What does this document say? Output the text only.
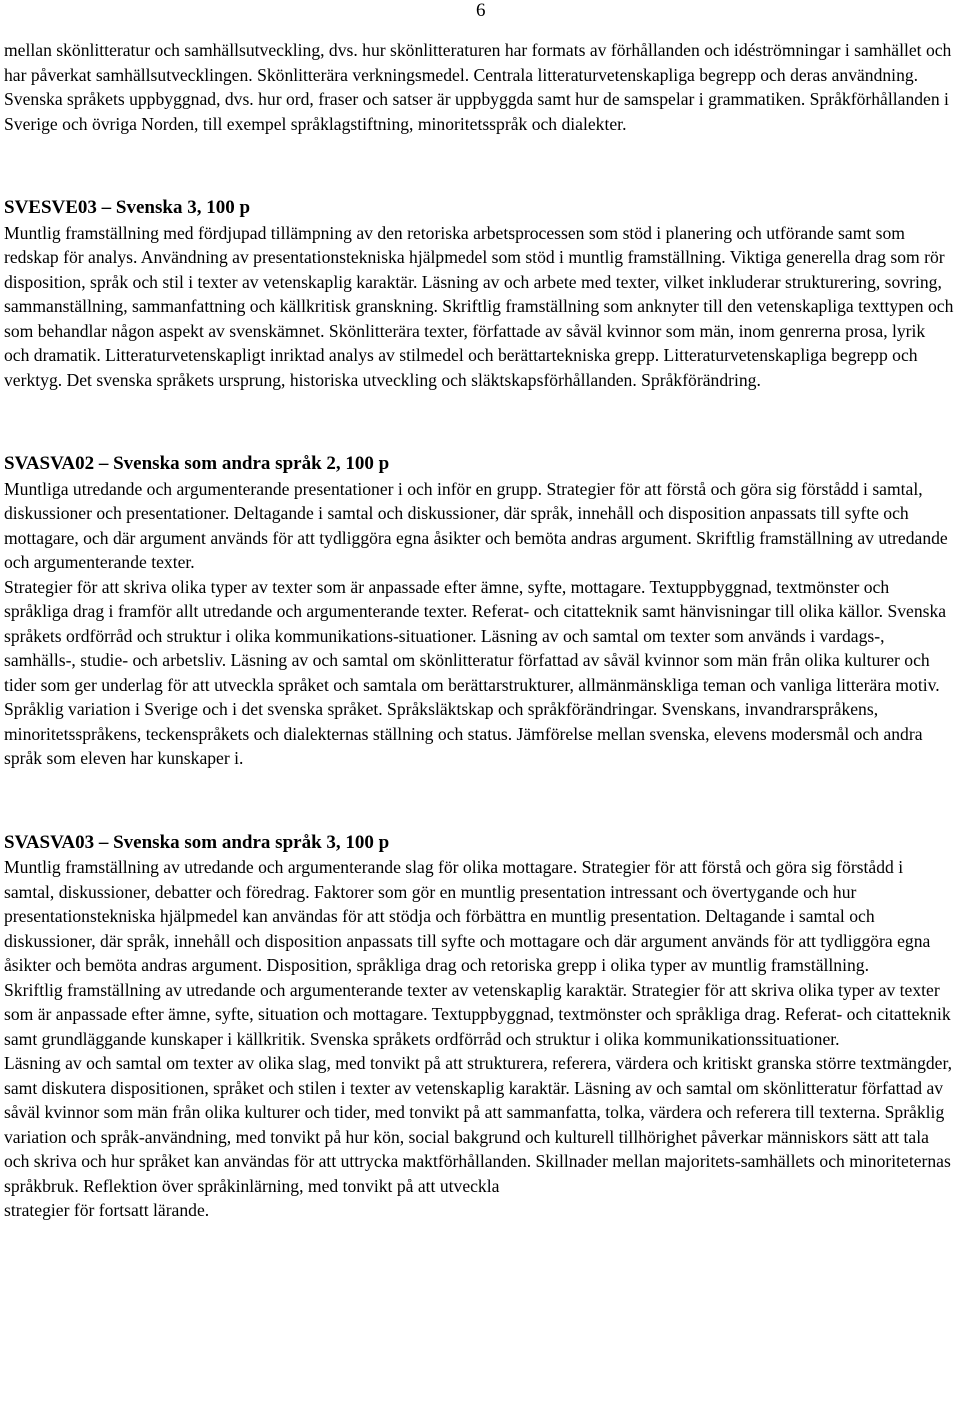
6

mellan skönlitteratur och samhällsutveckling, dvs. hur skönlitteraturen har formats av förhållanden och idéströmningar i samhället och har påverkat samhällsutvecklingen. Skönlitterära verkningsmedel. Centrala litteraturvetenskapliga begrepp och deras användning. Svenska språkets uppbyggnad, dvs. hur ord, fraser och satser är uppbyggda samt hur de samspelar i grammatiken. Språkförhållanden i Sverige och övriga Norden, till exempel språklagstiftning, minoritetsspråk och dialekter.

SVESVE03 – Svenska 3, 100 p

Muntlig framställning med fördjupad tillämpning av den retoriska arbetsprocessen som stöd i planering och utförande samt som redskap för analys. Användning av presentationstekniska hjälpmedel som stöd i muntlig framställning. Viktiga generella drag som rör disposition, språk och stil i texter av vetenskaplig karaktär. Läsning av och arbete med texter, vilket inkluderar strukturering, sovring, sammanställning, sammanfattning och källkritisk granskning. Skriftlig framställning som anknyter till den vetenskapliga texttypen och som behandlar någon aspekt av svenskämnet. Skönlitterära texter, författade av såväl kvinnor som män, inom genrerna prosa, lyrik och dramatik. Litteraturvetenskapligt inriktad analys av stilmedel och berättartekniska grepp. Litteraturvetenskapliga begrepp och verktyg. Det svenska språkets ursprung, historiska utveckling och släktskapsförhållanden. Språkförändring.

SVASVA02 – Svenska som andra språk 2, 100 p

Muntliga utredande och argumenterande presentationer i och inför en grupp. Strategier för att förstå och göra sig förstådd i samtal, diskussioner och presentationer. Deltagande i samtal och diskussioner, där språk, innehåll och disposition anpassats till syfte och mottagare, och där argument används för att tydliggöra egna åsikter och bemöta andras argument. Skriftlig framställning av utredande och argumenterande texter.

Strategier för att skriva olika typer av texter som är anpassade efter ämne, syfte, mottagare. Textuppbyggnad, textmönster och språkliga drag i framför allt utredande och argumenterande texter. Referat- och citatteknik samt hänvisningar till olika källor. Svenska språkets ordförråd och struktur i olika kommunikations-situationer. Läsning av och samtal om texter som används i vardags-, samhälls-, studie- och arbetsliv. Läsning av och samtal om skönlitteratur författad av såväl kvinnor som män från olika kulturer och tider som ger underlag för att utveckla språket och samtala om berättarstrukturer, allmänmänskliga teman och vanliga litterära motiv. Språklig variation i Sverige och i det svenska språket. Språksläktskap och språkförändringar. Svenskans, invandrarspråkens, minoritetsspråkens, teckenspråkets och dialekternas ställning och status. Jämförelse mellan svenska, elevens modersmål och andra språk som eleven har kunskaper i.

SVASVA03 – Svenska som andra språk 3, 100 p

Muntlig framställning av utredande och argumenterande slag för olika mottagare. Strategier för att förstå och göra sig förstådd i samtal, diskussioner, debatter och föredrag. Faktorer som gör en muntlig presentation intressant och övertygande och hur presentationstekniska hjälpmedel kan användas för att stödja och förbättra en muntlig presentation. Deltagande i samtal och diskussioner, där språk, innehåll och disposition anpassats till syfte och mottagare och där argument används för att tydliggöra egna åsikter och bemöta andras argument. Disposition, språkliga drag och retoriska grepp i olika typer av muntlig framställning.

Skriftlig framställning av utredande och argumenterande texter av vetenskaplig karaktär. Strategier för att skriva olika typer av texter som är anpassade efter ämne, syfte, situation och mottagare. Textuppbyggnad, textmönster och språkliga drag. Referat- och citatteknik samt grundläggande kunskaper i källkritik. Svenska språkets ordförråd och struktur i olika kommunikationssituationer.

Läsning av och samtal om texter av olika slag, med tonvikt på att strukturera, referera, värdera och kritiskt granska större textmängder, samt diskutera dispositionen, språket och stilen i texter av vetenskaplig karaktär. Läsning av och samtal om skönlitteratur författad av såväl kvinnor som män från olika kulturer och tider, med tonvikt på att sammanfatta, tolka, värdera och referera till texterna. Språklig variation och språk-användning, med tonvikt på hur kön, social bakgrund och kulturell tillhörighet påverkar människors sätt att tala och skriva och hur språket kan användas för att uttrycka maktförhållanden. Skillnader mellan majoritets-samhällets och minoriteternas språkbruk. Reflektion över språkinlärning, med tonvikt på att utveckla

strategier för fortsatt lärande.
